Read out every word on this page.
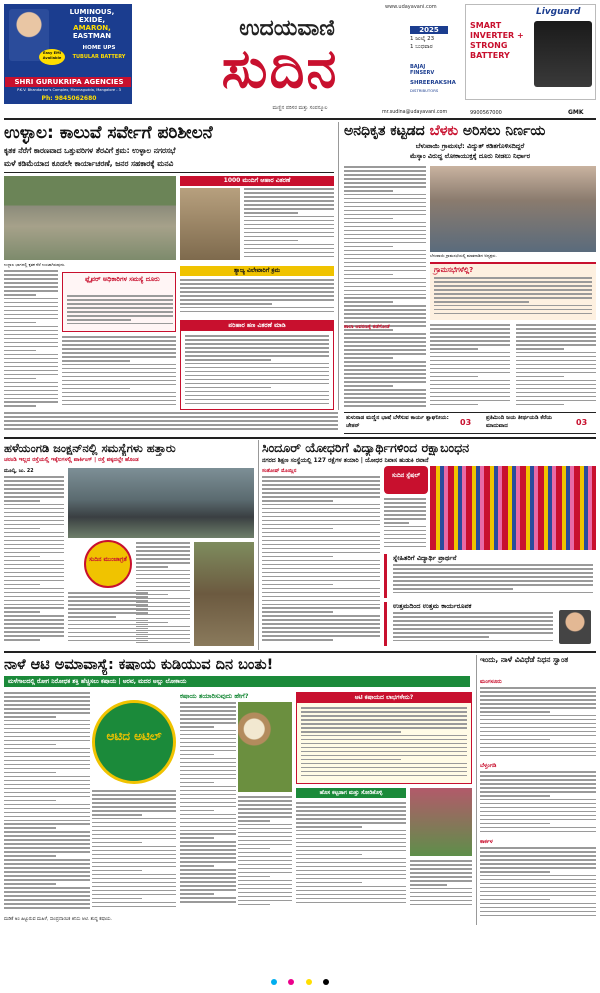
LUMINOUS,
EXIDE,
AMARON,
EASTMAN
Easy EMI Available
HOME UPS
TUBULAR BATTERY
SHRI GURUKRIPA AGENCIES
P.K.V. Bhandarkar's Complex, Mannagudda, Mangalore - 3
Ph: 9845062680
www.udayavani.com
ಉದಯವಾಣಿ
ಸುದಿನ
ಮಣ್ಣಿನ ಪರಿಸರ ಮತ್ತು ಸಂಪನ್ಮೂಲ
2025
1 ಜುಲೈ 23
1 ಬುಧವಾರ
BAJAJ FINSERV
SHREERAKSHA
DISTRIBUTORS
Livguard
SMART INVERTER + STRONG BATTERY
mr.sudina@udayavani.com	9900567000	GMK
ಉಳ್ಳಾಲ: ಕಾಲುವೆ ಸರ್ವೇಗೆ ಪರಿಶೀಲನೆ
ಕೃತಕ ನೆರೆಗೆ ಕಾರಣವಾದ ಒತ್ತುವರಿಗಳ ತೆರವಿಗೆ ಕ್ರಮ: ಉಳ್ಳಾಲ ನಗರಸಭೆ
ಮಳೆ ಕಡಿಮೆಯಾದ ಕೂಡಲೇ ಕಾರ್ಯಾಚರಣೆ, ಜನರ ಸಹಕಾರಕ್ಕೆ ಮನವಿ
ಉಳ್ಳಾಲ ಭಾಗದಲ್ಲಿ ಕೃತಕ ನೆರೆ ಉಂಟಾಗಿರುವುದು.
ಫ್ಲೈವರ್ ಅಧಿಕಾರಿಗಳ ಸಮಸ್ಯೆ ದೂರು
1000 ಮಂದಿಗೆ ಆಹಾರ ವಿತರಣೆ
ತ್ಯಾಜ್ಯ ವಿಲೇವಾರಿಗೆ ಕ್ರಮ
ಪರಿಹಾರ ಹಣ ವಿತರಣೆ ಮಾಡಿ
ಅನಧಿಕೃತ ಕಟ್ಟಡದ ಬೆಳಕು ಅರಿಸಲು ನಿರ್ಣಯ
ಬೆಳುವಾಯಿ ಗ್ರಾಮಸಭೆ: ವಿದ್ಯುತ್ ಕಡಿತಗೊಳಿಸದಿದ್ದರೆ
ಮೆಸ್ಕಾಂ ವಿರುದ್ಧ ಲೋಕಾಯುಕ್ತಕ್ಕೆ ದೂರು ನೀಡಲು ನಿರ್ಧಾರ
ಬೆಳುವಾಯಿ ಗ್ರಾಮಸಭೆಯಲ್ಲಿ ಮಾತನಾಡಿದ ಅಧ್ಯಕ್ಷರು.
ಗ್ರಾಮಸಭೆಗಳೆಲ್ಲಿ?
ಶಾಲಾ ಆವರಣಕ್ಕೆ ತಡೆಗೋಡೆ
ತುಳುನಾಡ ಮಣ್ಣಿನ ಭಾಷೆ ಬೆಳೆಸುವ ಕಾರ್ಯ ಶ್ಲಾಘನೀಯ: ಚೇತನ್	03	ಪ್ರತಿಮಿಂದಿ ಜಯ ತೀರ್ಥಯಡಿ ಕೆರೆಯ ಮಾದುವಾದ	03
ಹಳೆಯಂಗಡಿ ಜಂಕ್ಷನ್‌ನಲ್ಲಿ ಸಮಸ್ಯೆಗಳು ಹತ್ತಾರು
ಚರಂಡಿ ಇಲ್ಲದ ರಸ್ತೆಯಲ್ಲಿ ಇಕ್ಕೆಲಗಳಲ್ಲಿ ಪಾರ್ಕಿಂಗ್ | ರಸ್ತೆ ಪಕ್ಕದಲ್ಲೇ ಹೊಂಡ
ಮೂಲ್ಕಿ, ಜು. 22
ಸುದಿನ ಮುಂಜಾಗ್ರತೆ
ಸಿಂದೂರ್ ಯೋಧರಿಗೆ ವಿದ್ಯಾರ್ಥಿಗಳಿಂದ ರಕ್ಷಾಬಂಧನ
ನಗರದ ಶಿಕ್ಷಣ ಸಂಸ್ಥೆಯಲ್ಲಿ 127 ರಕ್ಷೆಗಳ ತಯಾರಿ | ಯೋಧರ ನಿವಾಸ ಹುಡುಕಿ ರವಾನೆ
ಸಂತೋಷ್ ಮೊಯ್ಲಿನ
ಸುದಿನ ಸ್ಪೆಷಲ್
ಸ್ನೇಹಿತರಿಗೆ ವಿದ್ಯಾರ್ಥಿ ಪ್ರಾರ್ಥನೆ
ಉತ್ತಮದಿಂದ ಉತ್ತಮ ಕಾರ್ಯರೂಪಕ
ನಾಳೆ ಆಟಿ ಅಮಾವಾಸ್ಯೆ: ಕಷಾಯ ಕುಡಿಯುವ ದಿನ ಬಂತು!
ಮಳೆಗಾಲದಲ್ಲಿ ರೋಗ ನಿರೋಧಕ ಶಕ್ತಿ ಹೆಚ್ಚಿಸಲು ಕಷಾಯ | ಅರವ, ಮದರ ಅಲ್ಲು ಲೋಕಾಯ
ಆಟಿದ ಅಟಿಲ್
ಕಷಾಯ ತಯಾರಿಸುವುದು ಹೇಗೆ?	ಆಟಿ ಕಷಾಯದ ಲಾಭಗಳೇನು?
ಹೊಸ ಕಟ್ಟಡಾಗ ಮತ್ತು ಸೋಡಿಕೊಳ್ಳಿ
ಮಡಿಕೆ ಅಂ ಹಿಟ್ಟುರುವ ಮಹಿಳೆ, ಸಾಂಪ್ರದಾಯಿಕ ತಿನಿಸು ಆಟಿ. ಶುದ್ಧ ಕಷಾಯ.
ಇಂದು, ನಾಳೆ ವಿವಿಧೆಡೆ ನಿಧನ ಸ್ವಾಂತ
ಮಂಗಳೂರು
ಬೆಳ್ತಂಗಡಿ
ಕಾರ್ಕಳ
